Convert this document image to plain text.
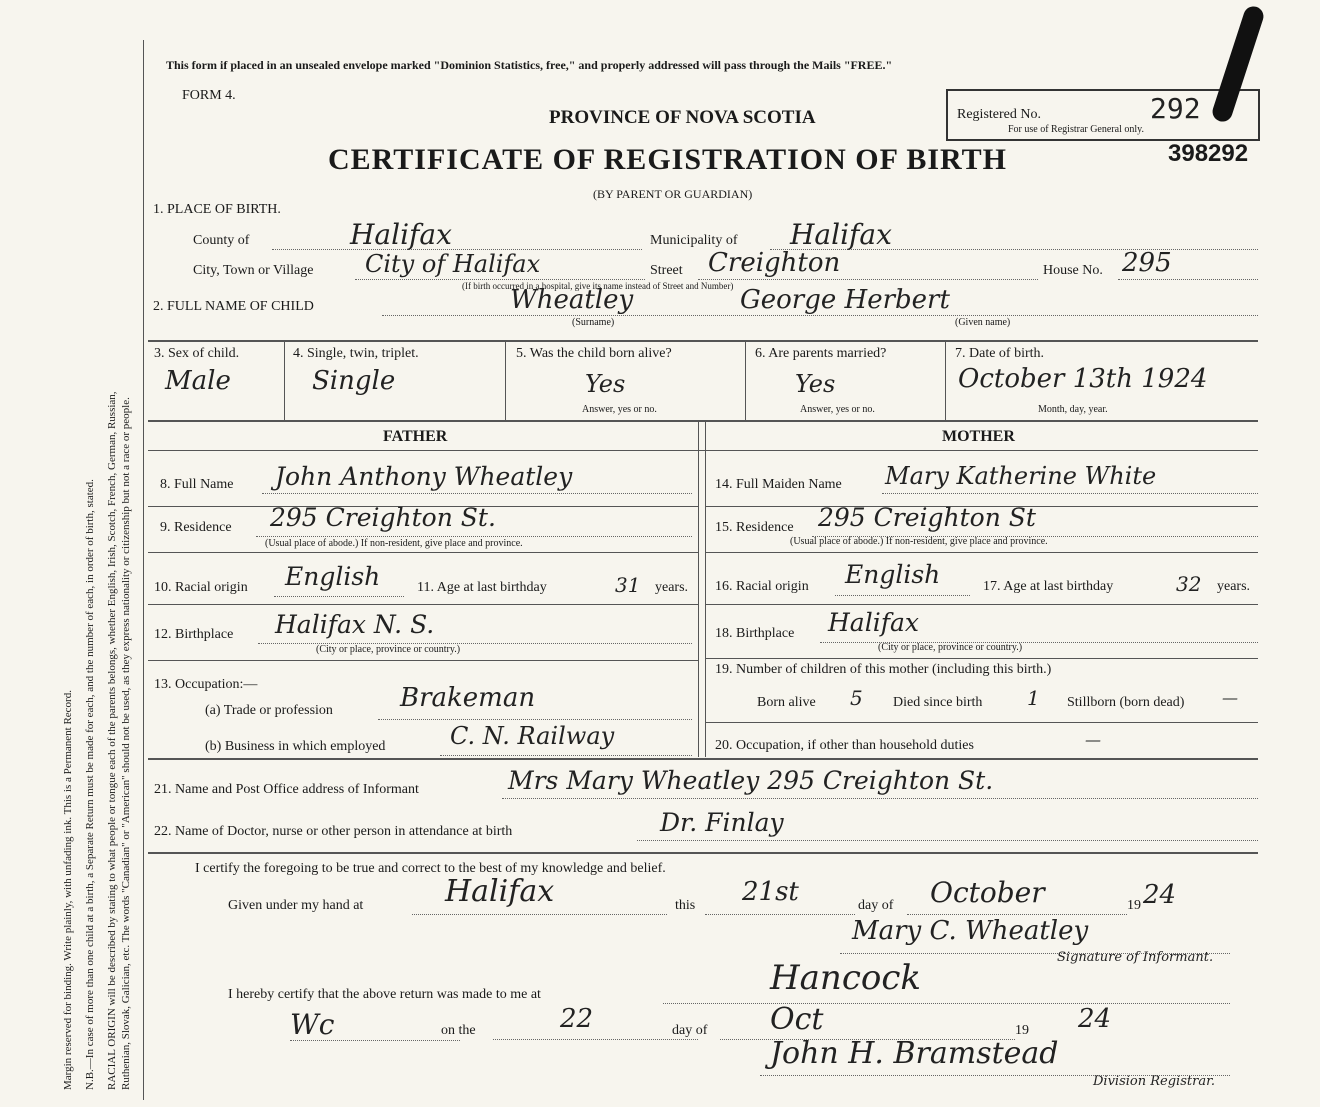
Margin reserved for binding. Write plainly, with unfading ink. This is a Permanent Record. N.B.—In case of more than one child at a birth, a Separate Return must be made for each, and the number of each, in order of birth, stated. RACIAL ORIGIN will be described by stating to what people or tongue each of the parents belongs, whether English, Irish, Scotch, French, German, Russian, Ruthenian, Slovak, Galician, etc. The words "Canadian" or "American" should not be used, as they express nationality or citizenship but not a race or people.
This form if placed in an unsealed envelope marked "Dominion Statistics, free," and properly addressed will pass through the Mails "FREE."
FORM 4.
PROVINCE OF NOVA SCOTIA
CERTIFICATE OF REGISTRATION OF BIRTH
(BY PARENT OR GUARDIAN)
Registered No.	292
For use of Registrar General only.
398292
1. PLACE OF BIRTH.
County of	Halifax	Municipality of Halifax
City, Town or Village City of Halifax	Street Creighton	House No. 295
(If birth occurred in a hospital, give its name instead of Street and Number)
2. FULL NAME OF CHILD	Wheatley	George Herbert
(Surname)	(Given name)
3. Sex of child.
Male
4. Single, twin, triplet.
Single
5. Was the child born alive?
Yes
Answer, yes or no.
6. Are parents married?
Yes
Answer, yes or no.
7. Date of birth.
October 13th 1924
Month, day, year.
FATHER	MOTHER
8. Full Name John Anthony Wheatley
9. Residence 295 Creighton St.
(Usual place of abode.) If non-resident, give place and province.
10. Racial origin English	11. Age at last birthday	31 years.
12. Birthplace Halifax N. S.
(City or place, province or country.)
13. Occupation:—
(a) Trade or profession	Brakeman
(b) Business in which employed	C. N. Railway
14. Full Maiden Name Mary Katherine White
15. Residence 295 Creighton St
(Usual place of abode.) If non-resident, give place and province.
16. Racial origin English	17. Age at last birthday	32 years.
18. Birthplace Halifax
(City or place, province or country.)
19. Number of children of this mother (including this birth.)
Born alive 5 Died since birth 1 Stillborn (born dead) —
20. Occupation, if other than household duties	—
21. Name and Post Office address of Informant	Mrs Mary Wheatley 295 Creighton St.
22. Name of Doctor, nurse or other person in attendance at birth	Dr. Finlay
I certify the foregoing to be true and correct to the best of my knowledge and belief.
Given under my hand at	Halifax	this 21st	day of October	19 24
Mary C. Wheatley
Signature of Informant.
I hereby certify that the above return was made to me at	Hancock
Wc	on the	22	day of Oct	19 24
John H. Bramstead
Division Registrar.
